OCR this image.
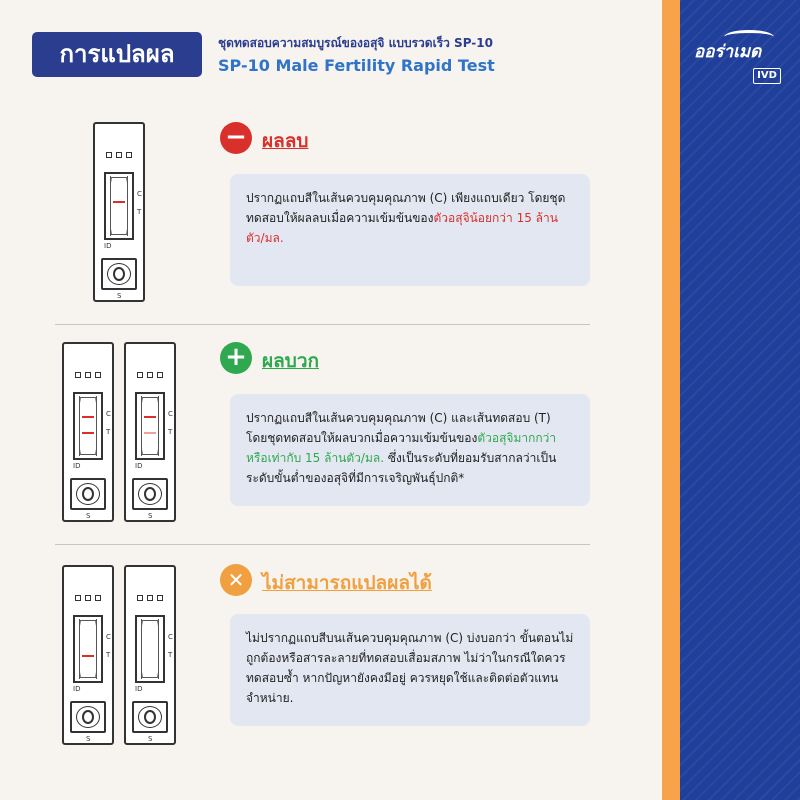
การแปลผล	ชุดทดสอบความสมบูรณ์ของอสุจิ แบบรวดเร็ว SP-10
SP-10 Male Fertility Rapid Test
C
T
ID
S
− ผลลบ

ปรากฏแถบสีในเส้นควบคุมคุณภาพ (C) เพียงแถบเดียว โดยชุดทดสอบให้ผลลบเมื่อความเข้มข้นของตัวอสุจิน้อยกว่า 15 ล้านตัว/มล.

C
T
ID
S
C
T
ID
S
+ ผลบวก

ปรากฏแถบสีในเส้นควบคุมคุณภาพ (C) และเส้นทดสอบ (T) โดยชุดทดสอบให้ผลบวกเมื่อความเข้มข้นของตัวอสุจิมากกว่าหรือเท่ากับ 15 ล้านตัว/มล. ซึ่งเป็นระดับที่ยอมรับสากลว่าเป็นระดับขั้นต่ำของอสุจิที่มีการเจริญพันธุ์ปกติ*

C
T
ID
S
C
T
ID
S
✕ ไม่สามารถแปลผลได้

ไม่ปรากฏแถบสีบนเส้นควบคุมคุณภาพ (C) บ่งบอกว่า ขั้นตอนไม่ถูกต้องหรือสารละลายที่ทดสอบเสื่อมสภาพ ไม่ว่าในกรณีใดควรทดสอบซ้ำ หากปัญหายังคงมีอยู่ ควรหยุดใช้และติดต่อตัวแทนจำหน่าย.

ออร่าเมด
IVD
